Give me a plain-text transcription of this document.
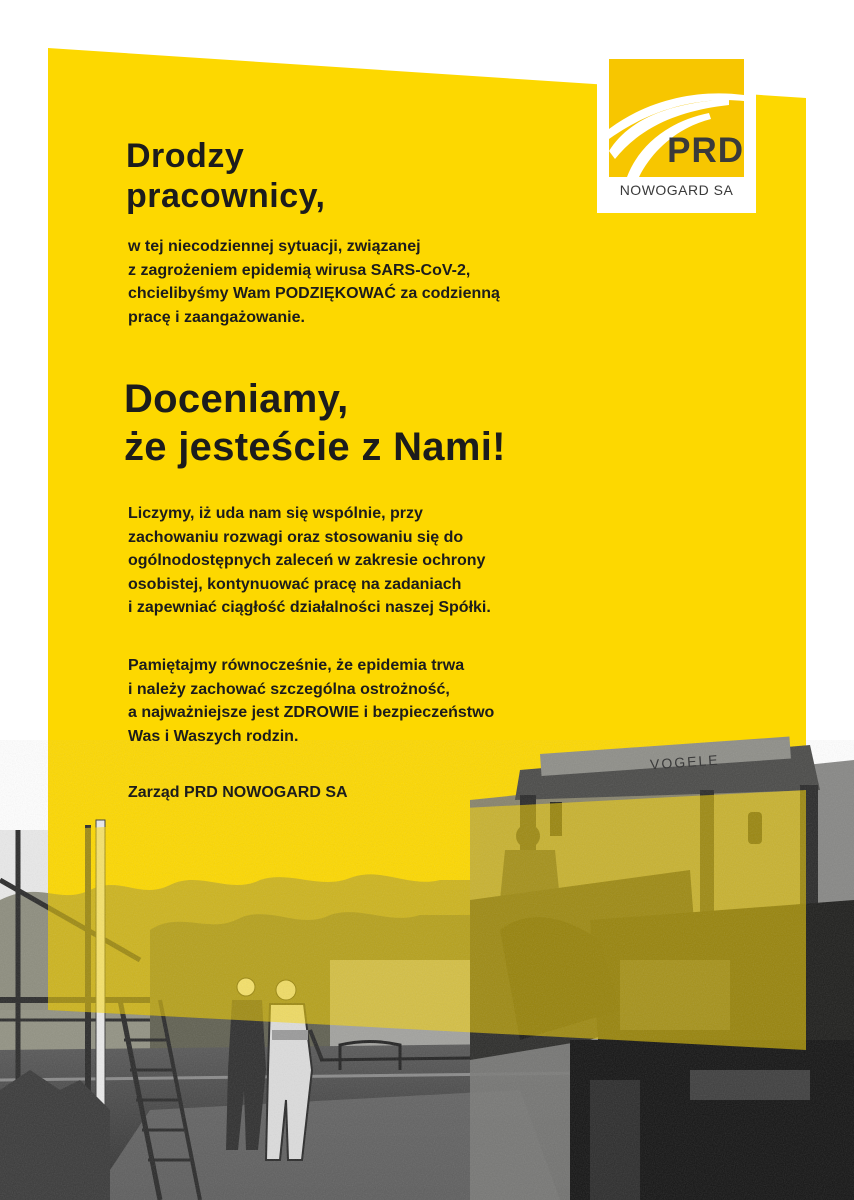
VOGELE
PRD
NOWOGARD SA
Drodzy
pracownicy,
w tej niecodziennej sytuacji, związanej
z zagrożeniem epidemią wirusa SARS-CoV-2,
chcielibyśmy Wam PODZIĘKOWAĆ za codzienną
pracę i zaangażowanie.
Doceniamy,
że jesteście z Nami!
Liczymy, iż uda nam się wspólnie, przy
zachowaniu rozwagi oraz stosowaniu się do
ogólnodostępnych zaleceń w zakresie ochrony
osobistej, kontynuować pracę na zadaniach
i zapewniać ciągłość działalności naszej Spółki.
Pamiętajmy równocześnie, że epidemia trwa
i należy zachować szczególna ostrożność,
a najważniejsze jest ZDROWIE i bezpieczeństwo
Was i Waszych rodzin.
Zarząd PRD NOWOGARD SA
